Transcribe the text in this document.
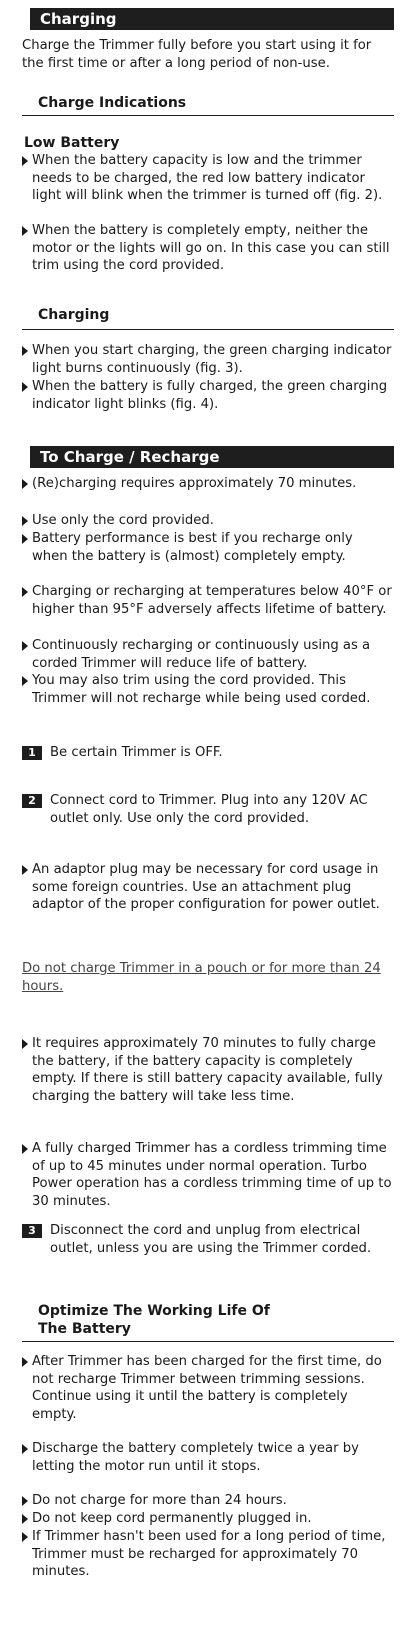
Charging
Charge the Trimmer fully before you start using it for the first time or after a long period of non-use.
Charge Indications
Low Battery
When the battery capacity is low and the trimmer needs to be charged, the red low battery indicator light will blink when the trimmer is turned off (fig. 2).
When the battery is completely empty, neither the motor or the lights will go on. In this case you can still trim using the cord provided.
Charging
When you start charging, the green charging indicator light burns continuously (fig. 3).
When the battery is fully charged, the green charging indicator light blinks (fig. 4).
To Charge / Recharge
(Re)charging requires approximately 70 minutes.
Use only the cord provided.
Battery performance is best if you recharge only when the battery is (almost) completely empty.
Charging or recharging at temperatures below 40°F or higher than 95°F adversely affects lifetime of battery.
Continuously recharging or continuously using as a corded Trimmer will reduce life of battery.
You may also trim using the cord provided. This Trimmer will not recharge while being used corded.
1	Be certain Trimmer is OFF.
2	Connect cord to Trimmer. Plug into any 120V AC outlet only. Use only the cord provided.
An adaptor plug may be necessary for cord usage in some foreign countries. Use an attachment plug adaptor of the proper configuration for power outlet.
Do not charge Trimmer in a pouch or for more than 24 hours.
It requires approximately 70 minutes to fully charge the battery, if the battery capacity is completely empty. If there is still battery capacity available, fully charging the battery will take less time.
A fully charged Trimmer has a cordless trimming time of up to 45 minutes under normal operation. Turbo Power operation has a cordless trimming time of up to 30 minutes.
3	Disconnect the cord and unplug from electrical outlet, unless you are using the Trimmer corded.
Optimize The Working Life Of
The Battery
After Trimmer has been charged for the first time, do not recharge Trimmer between trimming sessions. Continue using it until the battery is completely empty.
Discharge the battery completely twice a year by letting the motor run until it stops.
Do not charge for more than 24 hours.
Do not keep cord permanently plugged in.
If Trimmer hasn't been used for a long period of time, Trimmer must be recharged for approximately 70 minutes.
